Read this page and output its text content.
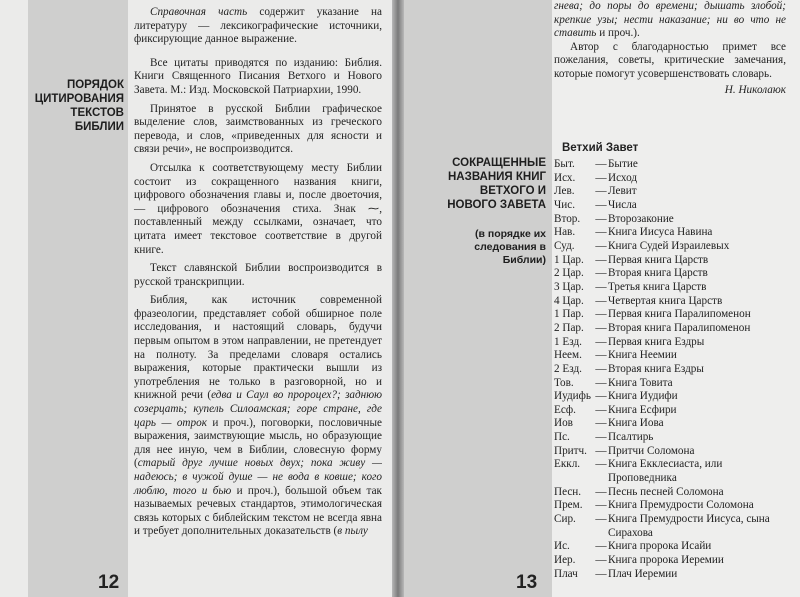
ПОРЯДОК ЦИТИРОВАНИЯ ТЕКСТОВ БИБЛИИ

Справочная часть содержит указание на литературу — лексикографические источники, фиксирующие данное выражение.

Все цитаты приводятся по изданию: Библия. Книги Священного Писания Ветхого и Нового Завета. М.: Изд. Московской Патриархии, 1990.

Принятое в русской Библии графическое выделение слов, заимствованных из греческого перевода, и слов, «приведенных для ясности и связи речи», не воспроизводится.

Отсылка к соответствующему месту Библии состоит из сокращенного названия книги, цифрового обозначения главы и, после двоеточия, — цифрового обозначения стиха. Знак ⁓, поставленный между ссылками, означает, что цитата имеет текстовое соответствие в другой книге.

Текст славянской Библии воспроизводится в русской транскрипции.

Библия, как источник современной фразеологии, представляет собой обширное поле исследования, и настоящий словарь, будучи первым опытом в этом направлении, не претендует на полноту. За пределами словаря остались выражения, которые практически вышли из употребления не только в разговорной, но и книжной речи (едва и Саул во пророцех?; заднюю созерцать; купель Силоамская; горе стране, где царь — отрок и проч.), поговорки, пословичные выражения, заимствующие мысль, но образующие для нее иную, чем в Библии, словесную форму (старый друг лучше новых двух; пока живу — надеюсь; в чужой душе — не вода в ковше; кого люблю, того и бью и проч.), большой объем так называемых речевых стандартов, этимологическая связь которых с библейским текстом не всегда явна и требует дополнительных доказательств (в пылу

12

гнева; до поры до времени; дышать злобой; крепкие узы; нести наказание; ни во что не ставить и проч.).

Автор с благодарностью примет все пожелания, советы, критические замечания, которые помогут усовершенствовать словарь.

Н. Николаюк
СОКРАЩЕННЫЕ НАЗВАНИЯ КНИГ ВЕТХОГО И НОВОГО ЗАВЕТА
(в порядке их следования в Библии)
Ветхий Завет
Быт.	— Бытие
Исх.	— Исход
Лев.	— Левит
Чис.	— Числа
Втор.	— Второзаконие
Нав.	— Книга Иисуса Навина
Суд.	— Книга Судей Израилевых
1 Цар.	— Первая книга Царств
2 Цар.	— Вторая книга Царств
3 Цар.	— Третья книга Царств
4 Цар.	— Четвертая книга Царств
1 Пар.	— Первая книга Паралипоменон
2 Пар.	— Вторая книга Паралипоменон
1 Езд.	— Первая книга Ездры
Неем.	— Книга Неемии
2 Езд.	— Вторая книга Ездры
Тов.	— Книга Товита
Иудифь — Книга Иудифи
Есф.	— Книга Есфири
Иов	— Книга Иова
Пс.	— Псалтирь
Притч. — Притчи Соломона
Еккл.	— Книга Екклесиаста, или Проповедника
Песн.	— Песнь песней Соломона
Прем.	— Книга Премудрости Соломона
Сир.	— Книга Премудрости Иисуса, сына Сирахова
Ис.	— Книга пророка Исайи
Иер.	— Книга пророка Иеремии
Плач	— Плач Иеремии
13
